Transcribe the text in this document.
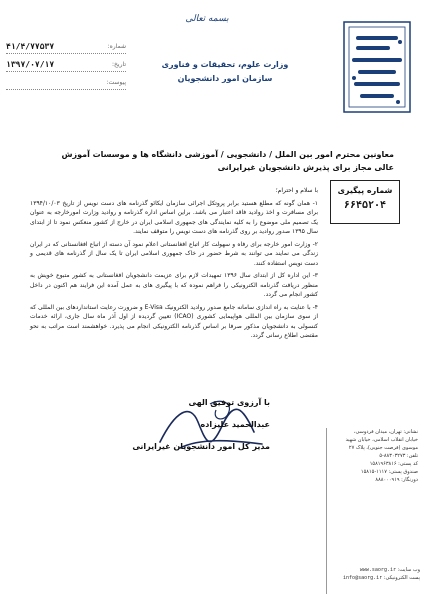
شماره:
۴۱/۴/۷۷۵۳۷
تاریخ:
۱۳۹۷/۰۷/۱۷
پیوست:
بسمه تعالی
وزارت علوم، تحقیقات و فناوری
سازمان امور دانشجویان
معاونین محترم امور بین الملل / دانشجویی / آموزشی دانشگاه ها و موسسات آموزش عالی مجاز برای پذیرش دانشجویان غیرایرانی
شماره پیگیری
۶۶۴۵۲۰۴

با سلام و احترام؛

۱- همان گونه که مطلع هستید برابر پروتکل اجرائی سازمان ایکائو گذرنامه های دست نویس از تاریخ ۱۳۹۴/۱۰/۰۳ برای مسافرت و اخذ روادید فاقد اعتبار می باشد. براین اساس اداره گذرنامه و روادید وزارت امورخارجه به عنوان یک تصمیم ملی موضوع را به کلیه نمایندگی های جمهوری اسلامی ایران در خارج از کشور منعکس نمود تا از ابتدای سال ۱۳۹۵ صدور روادید بر روی گذرنامه های دست نویس را متوقف نمایند.

۲- وزارت امور خارجه برای رفاه و سهولت کار اتباع افغانستانی اعلام نمود آن دسته از اتباع افغانستانی که در ایران زندگی می نمایند می توانند به شرط حضور در خاک جمهوری اسلامی ایران تا یک سال از گذرنامه های قدیمی و دست نویس استفاده کنند.

۳- این اداره کل از ابتدای سال ۱۳۹۶ تمهیدات لازم برای عزیمت دانشجویان افغانستانی به کشور متبوع خویش به منظور دریافت گذرنامه الکترونیکی را فراهم نموده که با پیگیری های به عمل آمده این فرایند هم اکنون در داخل کشور انجام می گردد.

۴- با عنایت به راه اندازی سامانه جامع صدور روادید الکترونیک E-Visa و ضرورت رعایت استانداردهای بین المللی که از سوی سازمان بین المللی هواپیمایی کشوری (ICAO) تعیین گردیده از اول آذر ماه سال جاری، ارائه خدمات کنسولی به دانشجویان مذکور صرفا بر اساس گذرنامه الکترونیکی انجام می پذیرد. خواهشمند است مراتب به نحو مقتضی اطلاع رسانی گردد.

با آرزوی توفیق الهی
عبدالحمید علیزاده
مدیر کل امور دانشجویان غیرایرانی
نشانی: تهران، میدان فردوسی،
خیابان انقلاب اسلامی، خیابان شهید
موسوی (فرصت جنوبی)، پلاک ۲۷
تلفن: ۸۸۳۰۳۲۷۳-۵
کد پستی: ۱۵۸۱۹۶۳۸۱۶
صندوق پستی: ۱۱۱۷-۱۵۸۱۵
دورنگار: ۸۸۸۰۰۰۹۱۹
وب سایت: www.saorg.ir
پست الکترونیکی: info@saorg.ir
